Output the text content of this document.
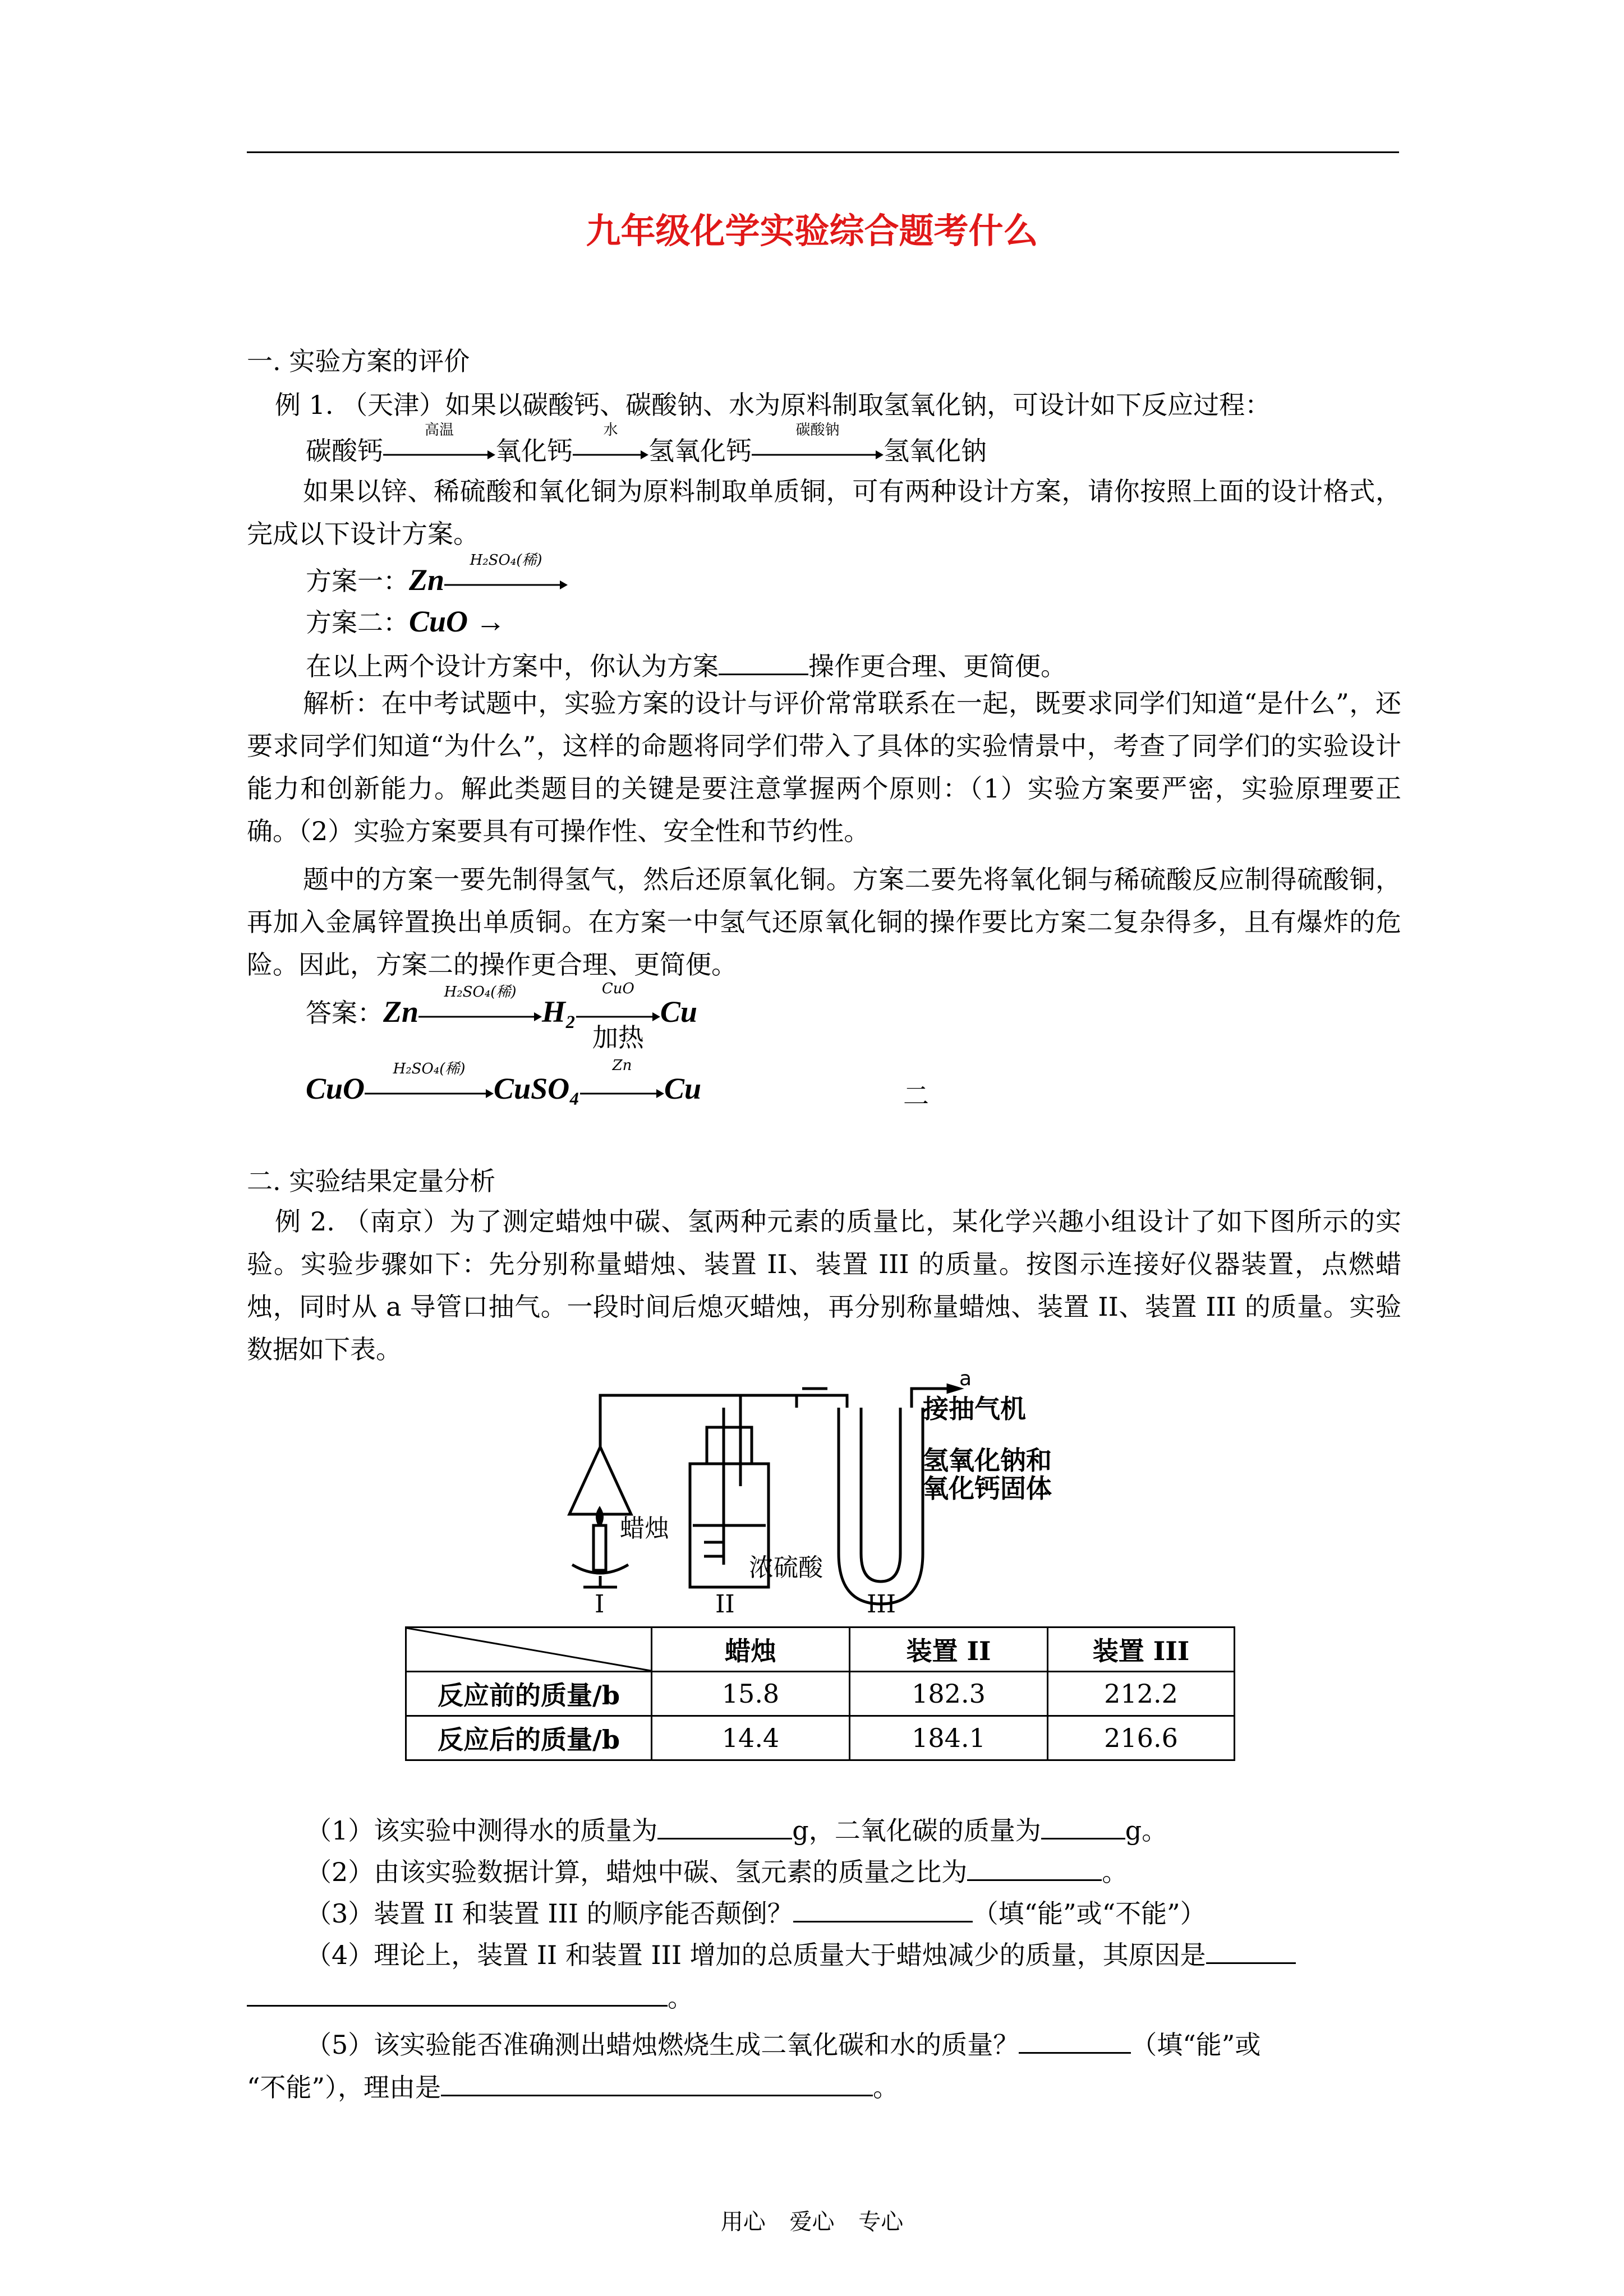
九年级化学实验综合题考什么
一. 实验方案的评价
例 1. （天津）如果以碳酸钙、碳酸钠、水为原料制取氢氧化钠，可设计如下反应过程：
碳酸钙
高温
氧化钙
水
氢氧化钙
碳酸钠
氢氧化钠
如果以锌、稀硫酸和氧化铜为原料制取单质铜，可有两种设计方案，请你按照上面的设计格式，完成以下设计方案。
方案一：Zn
H₂SO₄(稀)
方案二：CuO →
在以上两个设计方案中，你认为方案	操作更合理、更简便。
解析：在中考试题中，实验方案的设计与评价常常联系在一起，既要求同学们知道“是什么”，还要求同学们知道“为什么”，这样的命题将同学们带入了具体的实验情景中，考查了同学们的实验设计能力和创新能力。解此类题目的关键是要注意掌握两个原则：（1）实验方案要严密，实验原理要正确。（2）实验方案要具有可操作性、安全性和节约性。
题中的方案一要先制得氢气，然后还原氧化铜。方案二要先将氧化铜与稀硫酸反应制得硫酸铜，再加入金属锌置换出单质铜。在方案一中氢气还原氧化铜的操作要比方案二复杂得多，且有爆炸的危险。因此，方案二的操作更合理、更简便。
答案：Zn
H₂SO₄(稀)
H₂
CuO
加热
Cu
CuO
H₂SO₄(稀)
CuSO₄
Zn
Cu	二
二. 实验结果定量分析
例 2. （南京）为了测定蜡烛中碳、氢两种元素的质量比，某化学兴趣小组设计了如下图所示的实验。实验步骤如下：先分别称量蜡烛、装置 II、装置 III 的质量。按图示连接好仪器装置，点燃蜡烛，同时从 a 导管口抽气。一段时间后熄灭蜡烛，再分别称量蜡烛、装置 II、装置 III 的质量。实验数据如下表。
a
接抽气机
氢氧化钠和
氧化钙固体
蜡烛
浓硫酸
I	II	III
	蜡烛	装置 II	装置 III
反应前的质量/b	15.8	182.3	212.2
反应后的质量/b	14.4	184.1	216.6
（1）该实验中测得水的质量为	g，二氧化碳的质量为	g。
（2）由该实验数据计算，蜡烛中碳、氢元素的质量之比为	。
（3）装置 II 和装置 III 的顺序能否颠倒？	（填“能”或“不能”）
（4）理论上，装置 II 和装置 III 增加的总质量大于蜡烛减少的质量，其原因是
。
（5）该实验能否准确测出蜡烛燃烧生成二氧化碳和水的质量？	（填“能”或
“不能”），理由是	。
用心 爱心 专心
